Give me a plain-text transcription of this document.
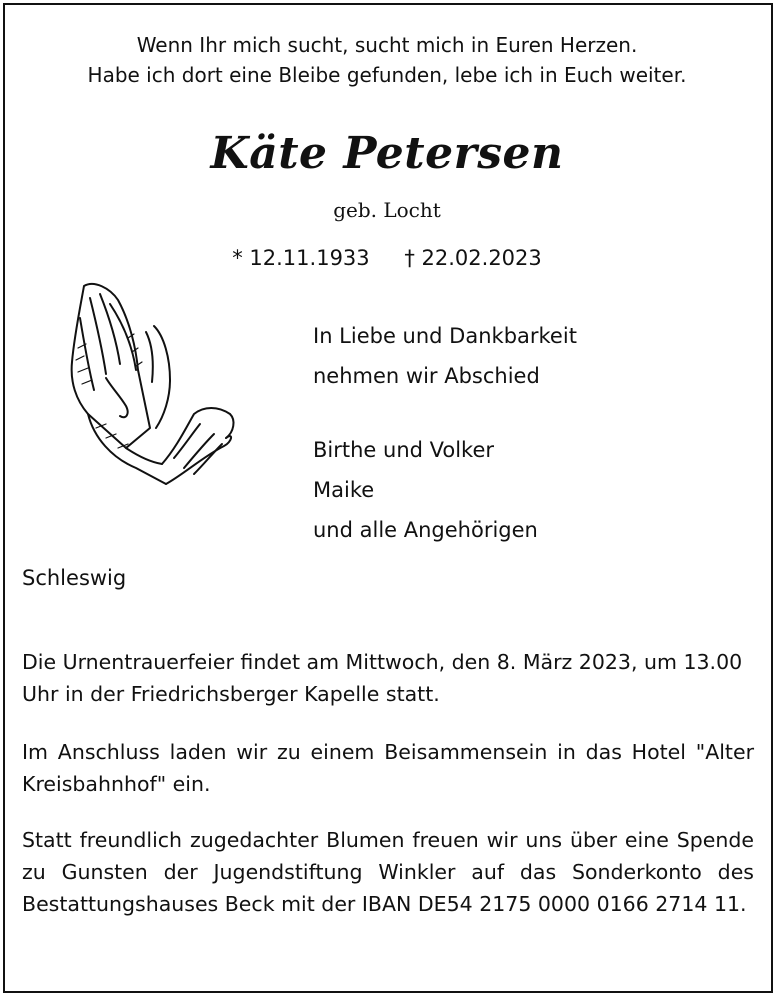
Wenn Ihr mich sucht, sucht mich in Euren Herzen.
Habe ich dort eine Bleibe gefunden, lebe ich in Euch weiter.
Käte Petersen
geb. Locht
* 12.11.1933 † 22.02.2023
In Liebe und Dankbarkeit
nehmen wir Abschied
Birthe und Volker
Maike
und alle Angehörigen
Schleswig
Die Urnentrauerfeier findet am Mittwoch, den 8. März 2023, um 13.00 Uhr in der Friedrichsberger Kapelle statt.
Im Anschluss laden wir zu einem Beisammensein in das Hotel "Alter Kreisbahnhof" ein.
Statt freundlich zugedachter Blumen freuen wir uns über eine Spende zu Gunsten der Jugendstiftung Winkler auf das Sonderkonto des Bestattungshauses Beck mit der IBAN DE54 2175 0000 0166 2714 11.
